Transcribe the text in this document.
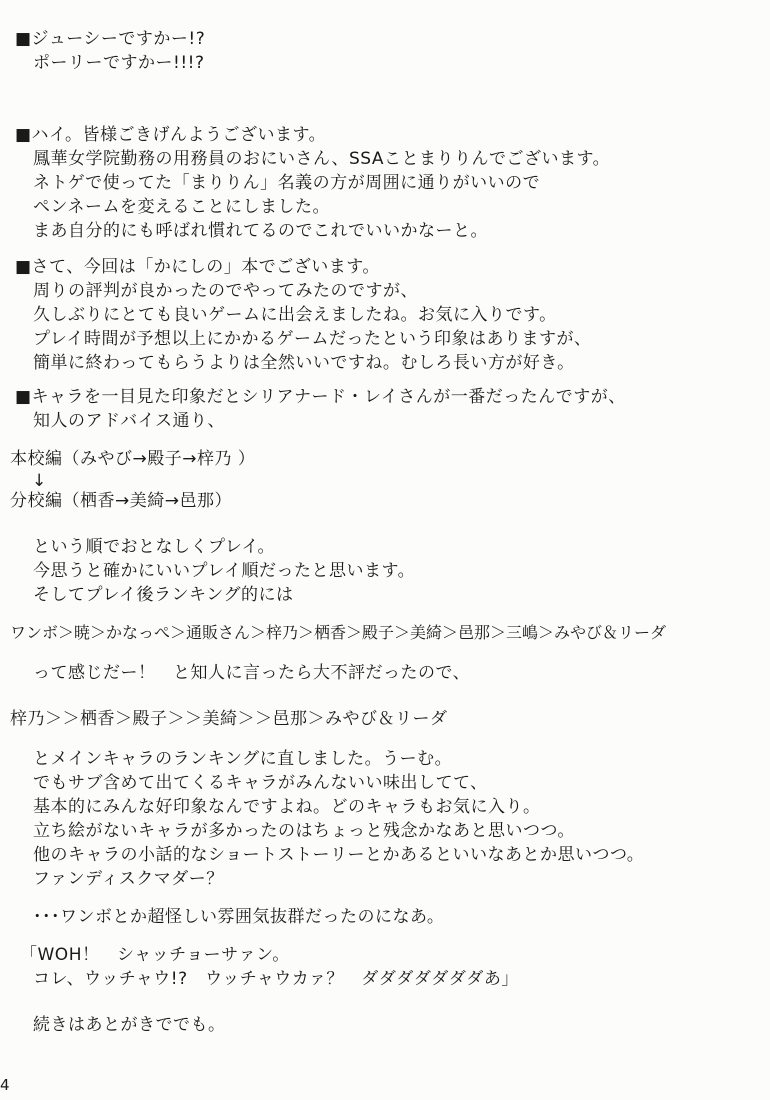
■ジューシーですかー!?
ポーリーですかー!!!?
■ハイ。皆様ごきげんようございます。
鳳華女学院勤務の用務員のおにいさん、SSAことまりりんでございます。
ネトゲで使ってた「まりりん」名義の方が周囲に通りがいいので
ペンネームを変えることにしました。
まあ自分的にも呼ばれ慣れてるのでこれでいいかなーと。
■さて、今回は「かにしの」本でございます。
周りの評判が良かったのでやってみたのですが、
久しぶりにとても良いゲームに出会えましたね。お気に入りです。
プレイ時間が予想以上にかかるゲームだったという印象はありますが、
簡単に終わってもらうよりは全然いいですね。むしろ長い方が好き。
■キャラを一目見た印象だとシリアナード・レイさんが一番だったんですが、
知人のアドバイス通り、
本校編（みやび→殿子→梓乃 ）
↓
分校編（栖香→美綺→邑那）
という順でおとなしくプレイ。
今思うと確かにいいプレイ順だったと思います。
そしてプレイ後ランキング的には
ワンボ＞暁＞かなっぺ＞通販さん＞梓乃＞栖香＞殿子＞美綺＞邑那＞三嶋＞みやび＆リーダ
って感じだー！　と知人に言ったら大不評だったので、
梓乃＞＞栖香＞殿子＞＞美綺＞＞邑那＞みやび＆リーダ
とメインキャラのランキングに直しました。うーむ。
でもサブ含めて出てくるキャラがみんないい味出してて、
基本的にみんな好印象なんですよね。どのキャラもお気に入り。
立ち絵がないキャラが多かったのはちょっと残念かなあと思いつつ。
他のキャラの小話的なショートストーリーとかあるといいなあとか思いつつ。
ファンディスクマダー？
･･･ワンボとか超怪しい雰囲気抜群だったのになあ。
「WOH！　シャッチョーサァン。
コレ、ウッチャウ!?　ウッチャウカァ？　ダダダダダダダあ」
続きはあとがきででも。
4
